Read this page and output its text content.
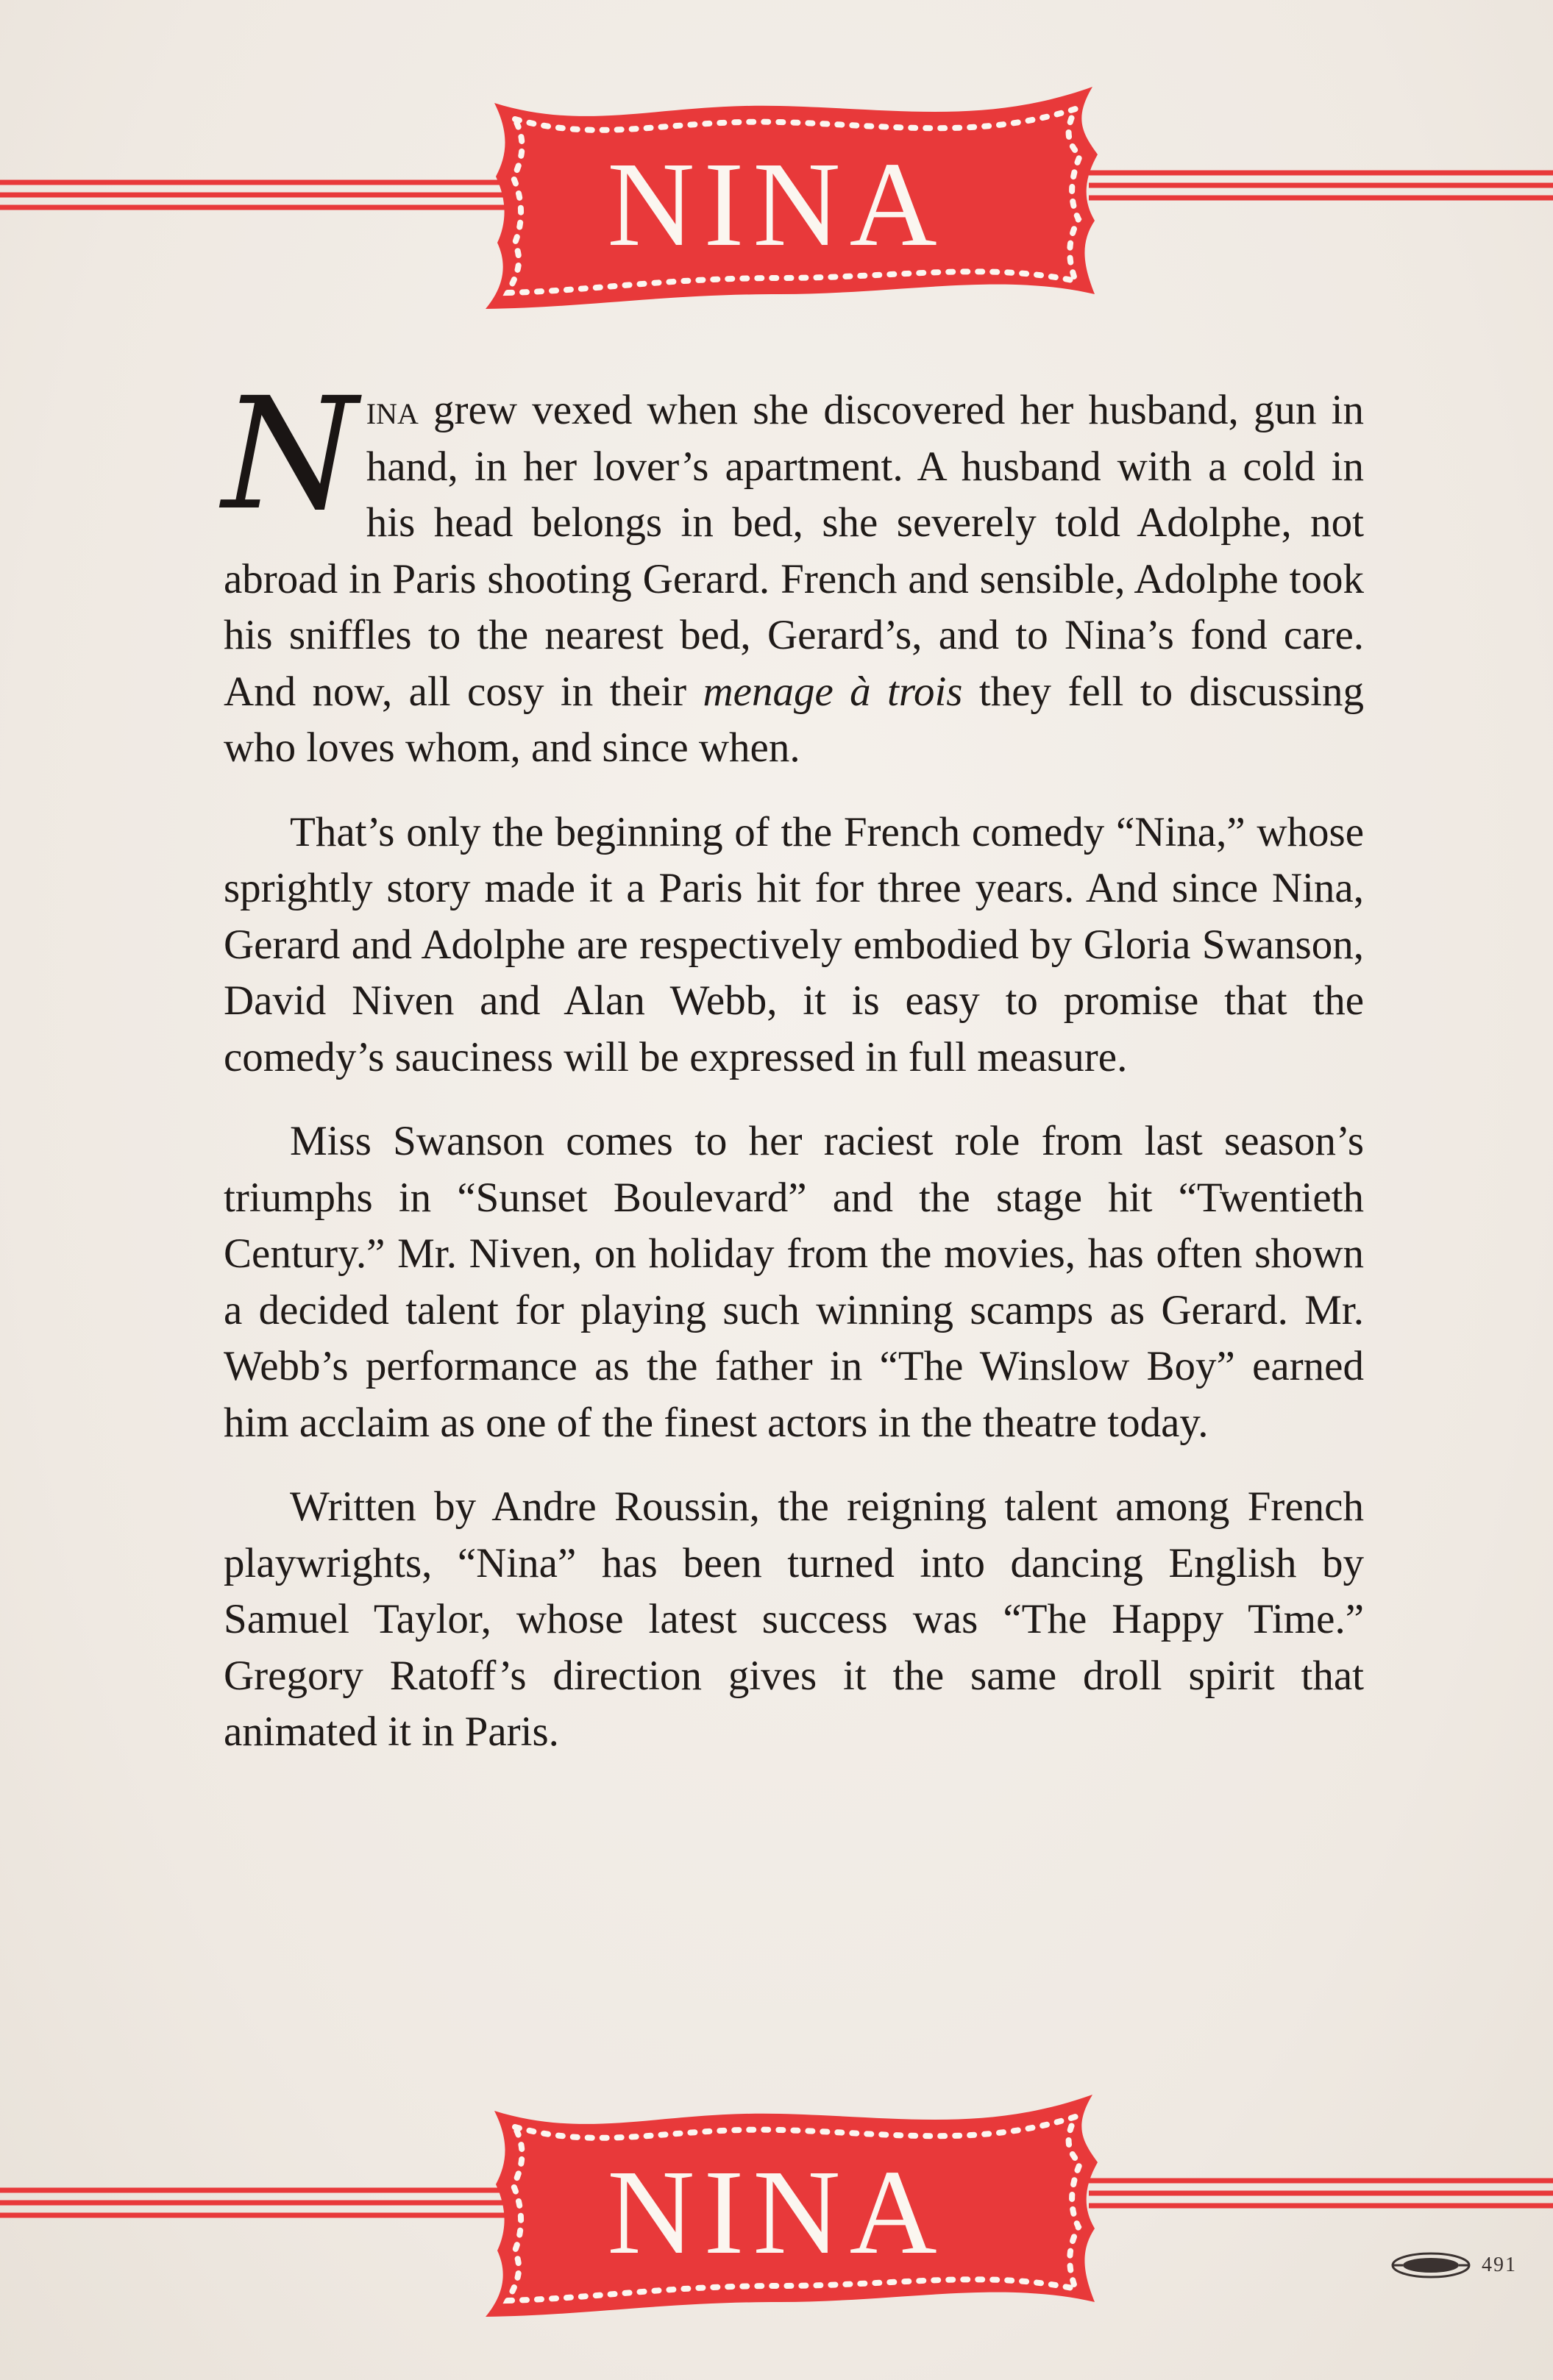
NINA

Nina grew vexed when she discovered her husband, gun in hand, in her lover’s apartment. A husband with a cold in his head belongs in bed, she severely told Adolphe, not abroad in Paris shooting Gerard. French and sensible, Adolphe took his sniffles to the nearest bed, Gerard’s, and to Nina’s fond care. And now, all cosy in their menage à trois they fell to discussing who loves whom, and since when.

That’s only the beginning of the French comedy “Nina,” whose sprightly story made it a Paris hit for three years. And since Nina, Gerard and Adolphe are respectively embodied by Gloria Swanson, David Niven and Alan Webb, it is easy to promise that the comedy’s sauciness will be expressed in full measure.

Miss Swanson comes to her raciest role from last season’s triumphs in “Sunset Boulevard” and the stage hit “Twentieth Century.” Mr. Niven, on holiday from the movies, has often shown a decided talent for playing such winning scamps as Gerard. Mr. Webb’s performance as the father in “The Winslow Boy” earned him acclaim as one of the finest actors in the theatre today.

Written by Andre Roussin, the reigning talent among French playwrights, “Nina” has been turned into dancing English by Samuel Taylor, whose latest success was “The Happy Time.” Gregory Ratoff’s direction gives it the same droll spirit that animated it in Paris.

NINA	491
